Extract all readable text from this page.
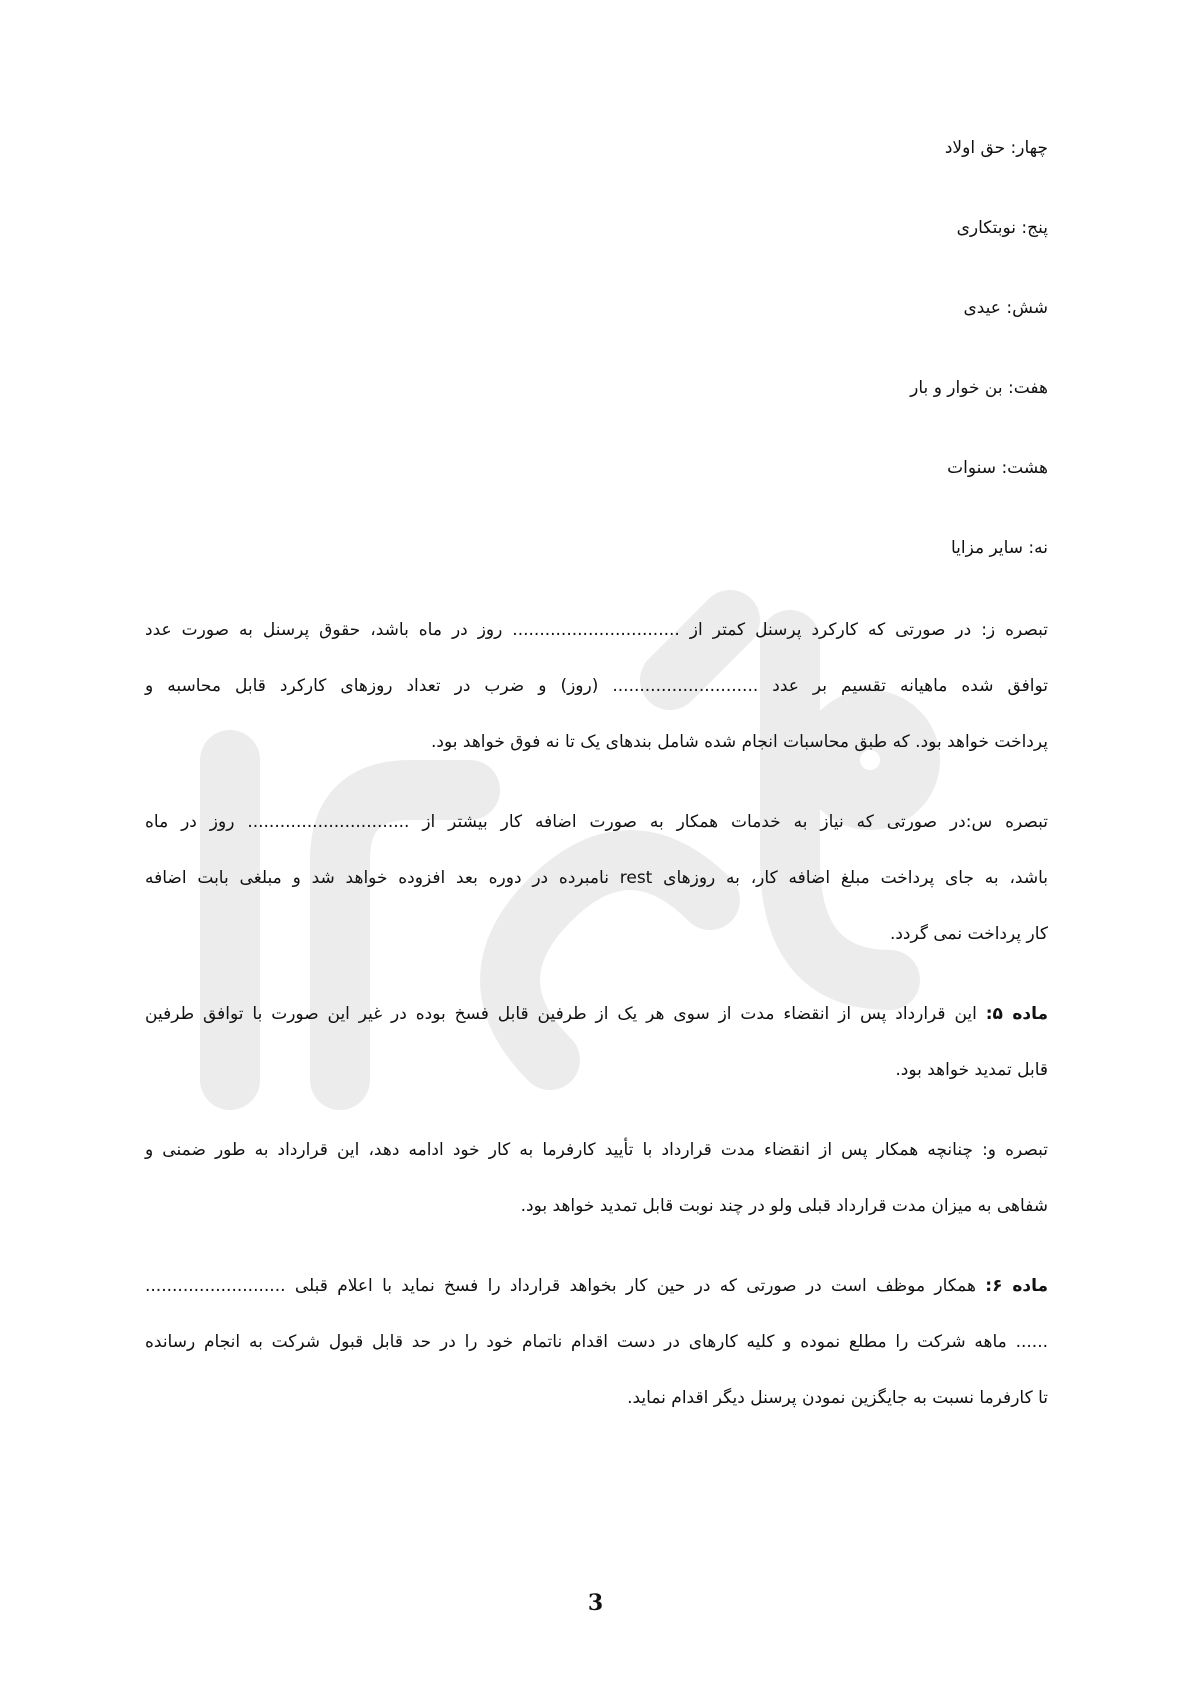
چهار: حق اولاد
پنج: نوبتکاری
شش: عیدی
هفت: بن خوار و بار
هشت: سنوات
نه: سایر مزایا
تبصره ز: در صورتی که کارکرد پرسنل کمتر از ............................... روز در ماه باشد، حقوق پرسنل به صورت عدد
توافق شده ماهیانه تقسیم بر عدد ........................... (روز) و ضرب در تعداد روزهای کارکرد قابل محاسبه و
پرداخت خواهد بود. که طبق محاسبات انجام شده شامل بندهای یک تا نه فوق خواهد بود.
تبصره س:در صورتی که نیاز به خدمات همکار به صورت اضافه کار بیشتر از .............................. روز در ماه
باشد، به جای پرداخت مبلغ اضافه کار، به روزهای rest نامبرده در دوره بعد افزوده خواهد شد و مبلغی بابت اضافه
کار پرداخت نمی گردد.
ماده ۵: این قرارداد پس از انقضاء مدت از سوی هر یک از طرفین قابل فسخ بوده در غیر این صورت با توافق طرفین
قابل تمدید خواهد بود.
تبصره و: چنانچه همکار پس از انقضاء مدت قرارداد با تأیید کارفرما به کار خود ادامه دهد، این قرارداد به طور ضمنی و
شفاهی به میزان مدت قرارداد قبلی ولو در چند نوبت قابل تمدید خواهد بود.
ماده ۶: همکار موظف است در صورتی که در حین کار بخواهد قرارداد را فسخ نماید با اعلام قبلی ..........................
...... ماهه شرکت را مطلع نموده و کلیه کارهای در دست اقدام ناتمام خود را در حد قابل قبول شرکت به انجام رسانده
تا کارفرما نسبت به جایگزین نمودن پرسنل دیگر اقدام نماید.
3
